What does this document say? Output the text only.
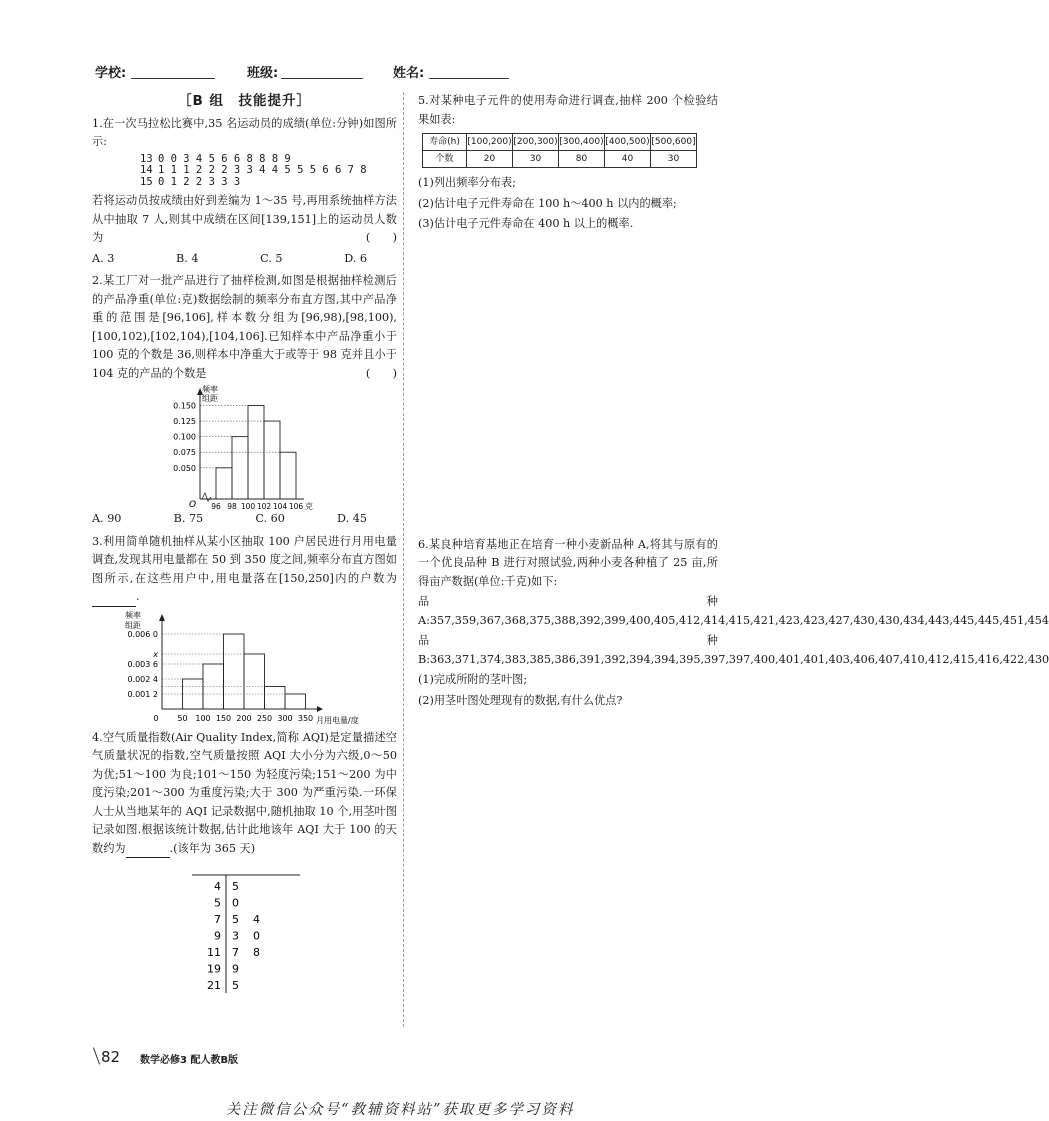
学校:	班级:	姓名:
［B 组　技能提升］
1.在一次马拉松比赛中,35 名运动员的成绩(单位:分钟)如图所示:
13 0 0 3 4 5 6 6 8 8 8 9
14 1 1 1 2 2 2 3 3 4 4 5 5 5 6 6 7 8
15 0 1 2 2 3 3 3
若将运动员按成绩由好到差编为 1～35 号,再用系统抽样方法从中抽取 7 人,则其中成绩在区间[139,151]上的运动员人数为	(　　)
A. 3	B. 4	C. 5	D. 6
2.某工厂对一批产品进行了抽样检测,如图是根据抽样检测后的产品净重(单位:克)数据绘制的频率分布直方图,其中产品净重的范围是[96,106],样本数分组为[96,98),[98,100),[100,102),[102,104),[104,106].已知样本中产品净重小于 100 克的个数是 36,则样本中净重大于或等于 98 克并且小于 104 克的产品的个数是	(　　)
频率
组距
O	克
0.150
0.125
0.100
0.075
0.050
96 98 100 102 104 106
A. 90	B. 75	C. 60	D. 45
3.利用简单随机抽样从某小区抽取 100 户居民进行月用电量调查,发现其用电量都在 50 到 350 度之间,频率分布直方图如图所示,在这些用户中,用电量落在[150,250]内的户数为.
频率
组距
月用电量/度
0.006 0
x
0.003 6
0.002 4
0.001 2
0 50 100 150 200 250 300 350
4.空气质量指数(Air Quality Index,简称 AQI)是定量描述空气质量状况的指数,空气质量按照 AQI 大小分为六级,0～50 为优;51～100 为良;101～150 为轻度污染;151～200 为中度污染;201～300 为重度污染;大于 300 为严重污染.一环保人士从当地某年的 AQI 记录数据中,随机抽取 10 个,用茎叶图记录如图.根据该统计数据,估计此地该年 AQI 大于 100 的天数约为	.(该年为 365 天)
4 5
5 0
7 5 4
9 3 0
11 7 8
19 9
21 5
5.对某种电子元件的使用寿命进行调查,抽样 200 个检验结果如表:
寿命(h)	[100,200)	[200,300)	[300,400)	[400,500)	[500,600]
个数	20	30	80	40	30
(1)列出频率分布表;
(2)估计电子元件寿命在 100 h～400 h 以内的概率;
(3)估计电子元件寿命在 400 h 以上的概率.
6.某良种培育基地正在培育一种小麦新品种 A,将其与原有的一个优良品种 B 进行对照试验,两种小麦各种植了 25 亩,所得亩产数据(单位:千克)如下:
品种 A:357,359,367,368,375,388,392,399,400,405,412,414,415,421,423,423,427,430,430,434,443,445,445,451,454
品种 B:363,371,374,383,385,386,391,392,394,394,395,397,397,400,401,401,403,406,407,410,412,415,416,422,430
(1)完成所附的茎叶图;
(2)用茎叶图处理现有的数据,有什么优点?
82 数学必修3 配人教B版
关注微信公众号“教辅资料站”获取更多学习资料
